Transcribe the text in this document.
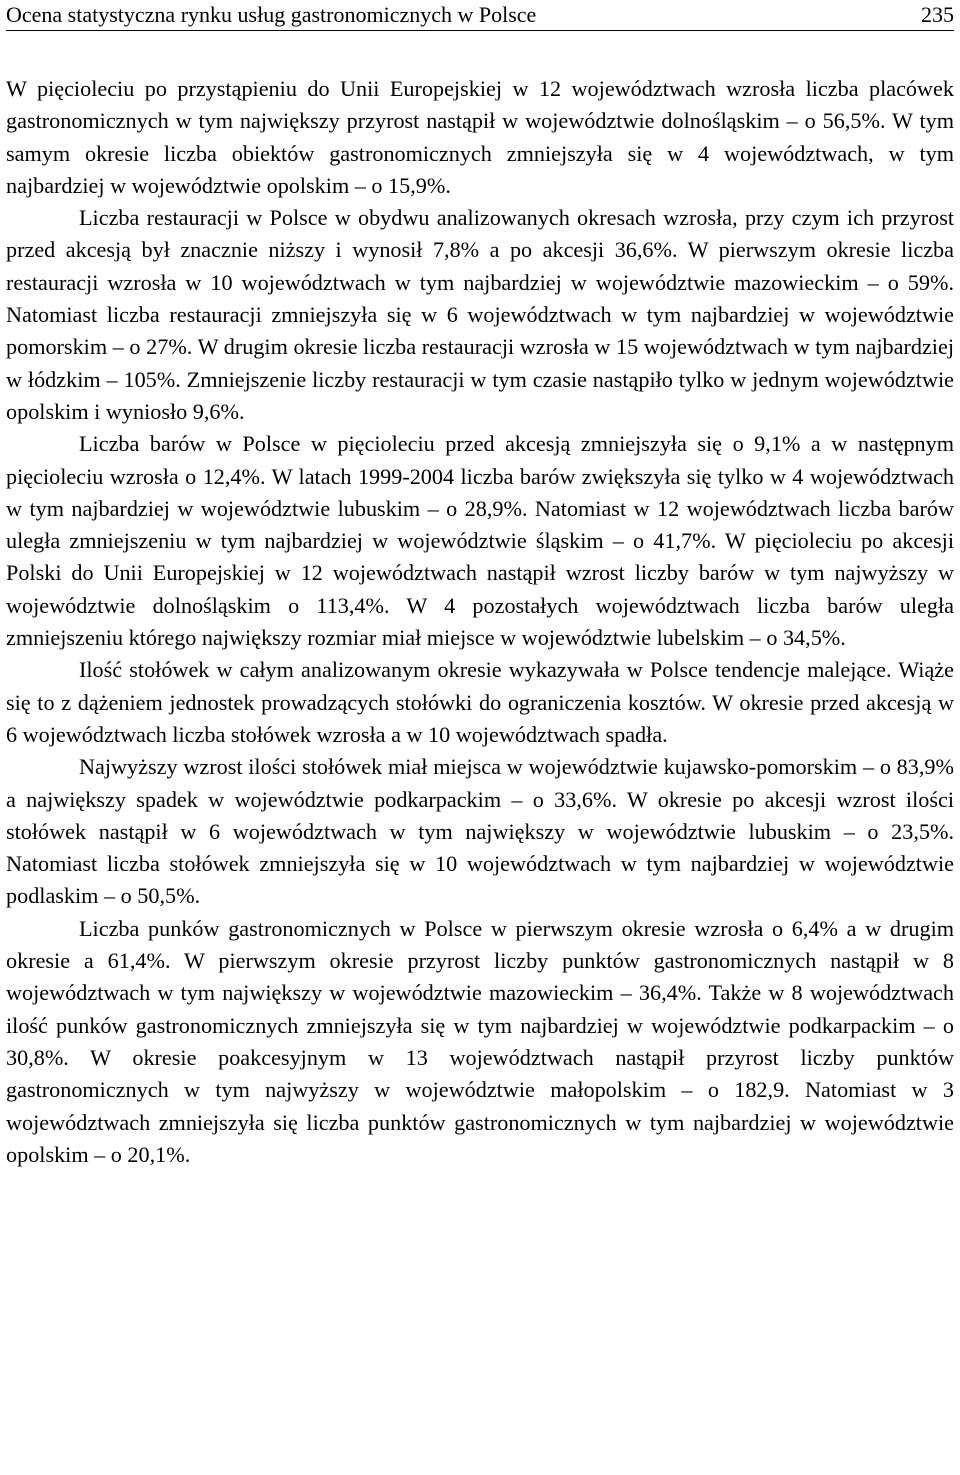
Ocena statystyczna rynku usług gastronomicznych w Polsce	235

W pięcioleciu po przystąpieniu do Unii Europejskiej w 12 województwach wzrosła liczba placówek gastronomicznych w tym największy przyrost nastąpił w województwie dolnośląskim – o 56,5%. W tym samym okresie liczba obiektów gastronomicznych zmniejszyła się w 4 województwach, w tym najbardziej w województwie opolskim – o 15,9%.

Liczba restauracji w Polsce w obydwu analizowanych okresach wzrosła, przy czym ich przyrost przed akcesją był znacznie niższy i wynosił 7,8% a po akcesji 36,6%. W pierwszym okresie liczba restauracji wzrosła w 10 województwach w tym najbardziej w województwie mazowieckim – o 59%. Natomiast liczba restauracji zmniejszyła się w 6 województwach w tym najbardziej w województwie pomorskim – o 27%. W drugim okresie liczba restauracji wzrosła w 15 województwach w tym najbardziej w łódzkim – 105%. Zmniejszenie liczby restauracji w tym czasie nastąpiło tylko w jednym województwie opolskim i wyniosło 9,6%.

Liczba barów w Polsce w pięcioleciu przed akcesją zmniejszyła się o 9,1% a w następnym pięcioleciu wzrosła o 12,4%. W latach 1999-2004 liczba barów zwiększyła się tylko w 4 województwach w tym najbardziej w województwie lubuskim – o 28,9%. Natomiast w 12 województwach liczba barów uległa zmniejszeniu w tym najbardziej w województwie śląskim – o 41,7%. W pięcioleciu po akcesji Polski do Unii Europejskiej w 12 województwach nastąpił wzrost liczby barów w tym najwyższy w województwie dolnośląskim o 113,4%. W 4 pozostałych województwach liczba barów uległa zmniejszeniu którego największy rozmiar miał miejsce w województwie lubelskim – o 34,5%.

Ilość stołówek w całym analizowanym okresie wykazywała w Polsce tendencje malejące. Wiąże się to z dążeniem jednostek prowadzących stołówki do ograniczenia kosztów. W okresie przed akcesją w 6 województwach liczba stołówek wzrosła a w 10 województwach spadła.

Najwyższy wzrost ilości stołówek miał miejsca w województwie kujawsko-pomorskim – o 83,9% a największy spadek w województwie podkarpackim – o 33,6%. W okresie po akcesji wzrost ilości stołówek nastąpił w 6 województwach w tym największy w województwie lubuskim – o 23,5%. Natomiast liczba stołówek zmniejszyła się w 10 województwach w tym najbardziej w województwie podlaskim – o 50,5%.

Liczba punków gastronomicznych w Polsce w pierwszym okresie wzrosła o 6,4% a w drugim okresie a 61,4%. W pierwszym okresie przyrost liczby punktów gastronomicznych nastąpił w 8 województwach w tym największy w województwie mazowieckim – 36,4%. Także w 8 województwach ilość punków gastronomicznych zmniejszyła się w tym najbardziej w województwie podkarpackim – o 30,8%. W okresie poakcesyjnym w 13 województwach nastąpił przyrost liczby punktów gastronomicznych w tym najwyższy w województwie małopolskim – o 182,9. Natomiast w 3 województwach zmniejszyła się liczba punktów gastronomicznych w tym najbardziej w województwie opolskim – o 20,1%.
